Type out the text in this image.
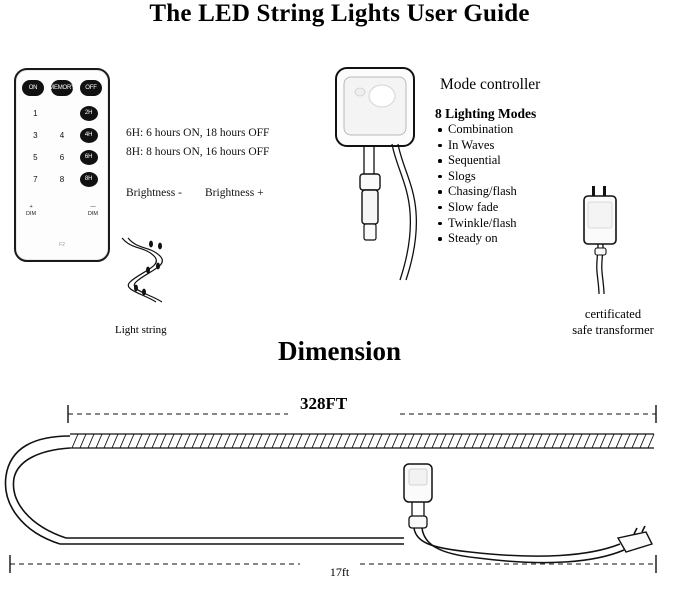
The LED String Lights User Guide
ON	MEMORY	OFF
1	2H
3	4	4H
5	6	6H
7	8	8H
+
DIM
—
DIM
F2
6H: 6 hours ON, 18 hours OFF
8H: 8 hours ON, 16 hours OFF
Brightness - Brightness +
Light string
Mode controller
8 Lighting Modes
Combination
In Waves
Sequential
Slogs
Chasing/flash
Slow fade
Twinkle/flash
Steady on
certificated
safe transformer
Dimension
328FT
17ft
